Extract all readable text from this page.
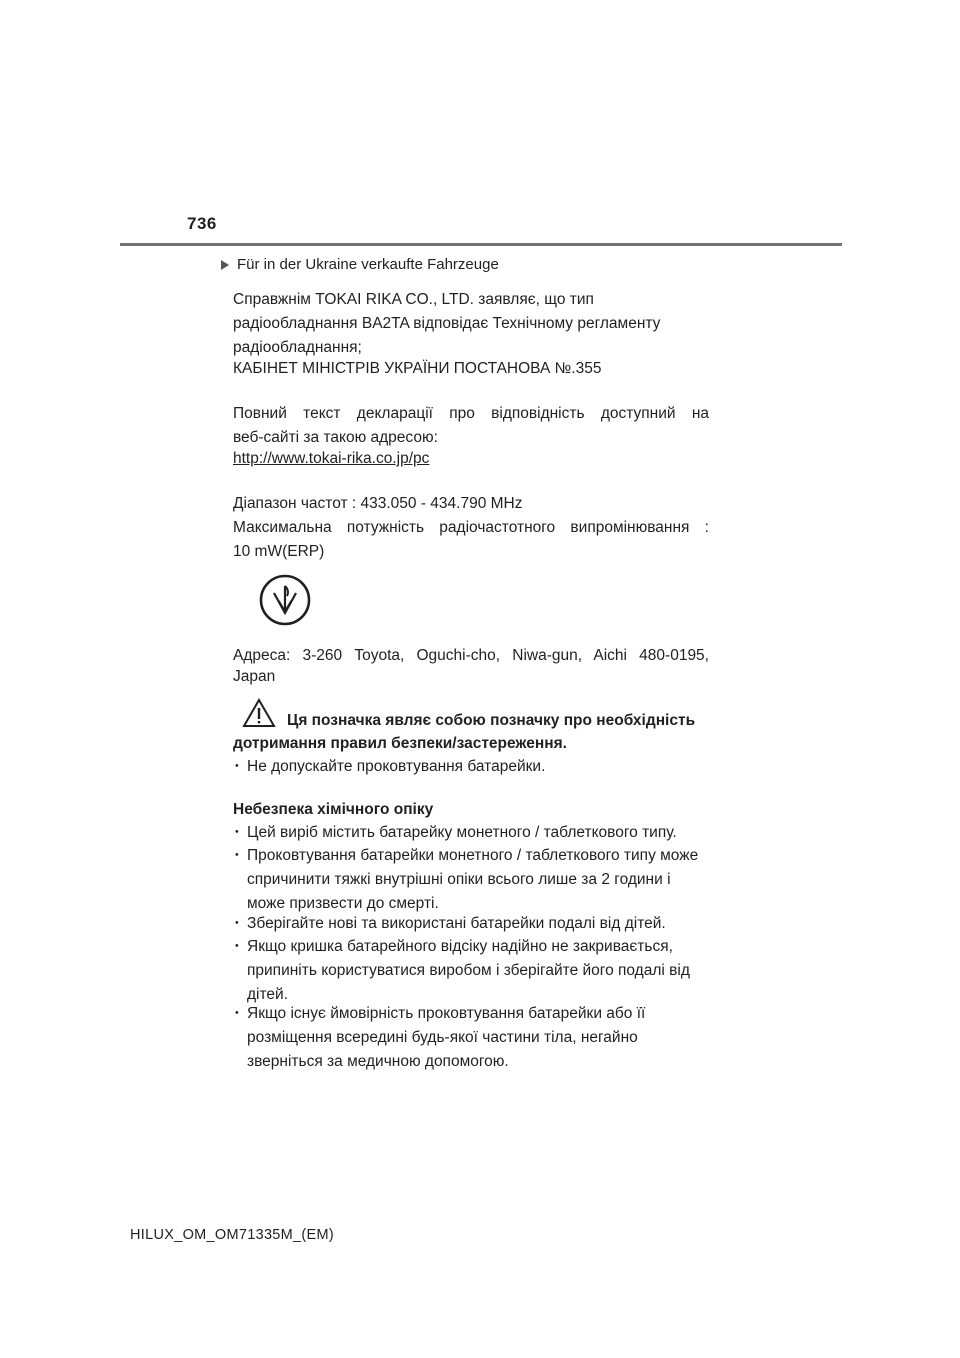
736
Für in der Ukraine verkaufte Fahrzeuge
Справжнім TOKAI RIKA CO., LTD. заявляє, що тип
радіообладнання BA2TA відповідає Технічному регламенту
радіообладнання;
КАБІНЕТ МІНІСТРІВ УКРАЇНИ ПОСТАНОВА №.355
Повний текст декларації про відповідність доступний на
веб-сайті за такою адресою:
http://www.tokai-rika.co.jp/pc
Діапазон частот : 433.050 - 434.790 MHz
Максимальна потужність радіочастотного випромінювання :
10 mW(ERP)
Адреса: 3-260 Toyota, Oguchi-cho, Niwa-gun, Aichi 480-0195,
Japan
Ця позначка являє собою позначку про необхідність
дотримання правил безпеки/застереження.
･ Не допускайте проковтування батарейки.
Небезпека хімічного опіку
･ Цей виріб містить батарейку монетного / таблеткового типу.
･ Проковтування батарейки монетного / таблеткового типу може
спричинити тяжкі внутрішні опіки всього лише за 2 години і
може призвести до смерті.
･ Зберігайте нові та використані батарейки подалі від дітей.
･ Якщо кришка батарейного відсіку надійно не закривається,
припиніть користуватися виробом і зберігайте його подалі від
дітей.
･ Якщо існує ймовірність проковтування батарейки або її
розміщення всередині будь-якої частини тіла, негайно
зверніться за медичною допомогою.
HILUX_OM_OM71335M_(EM)
